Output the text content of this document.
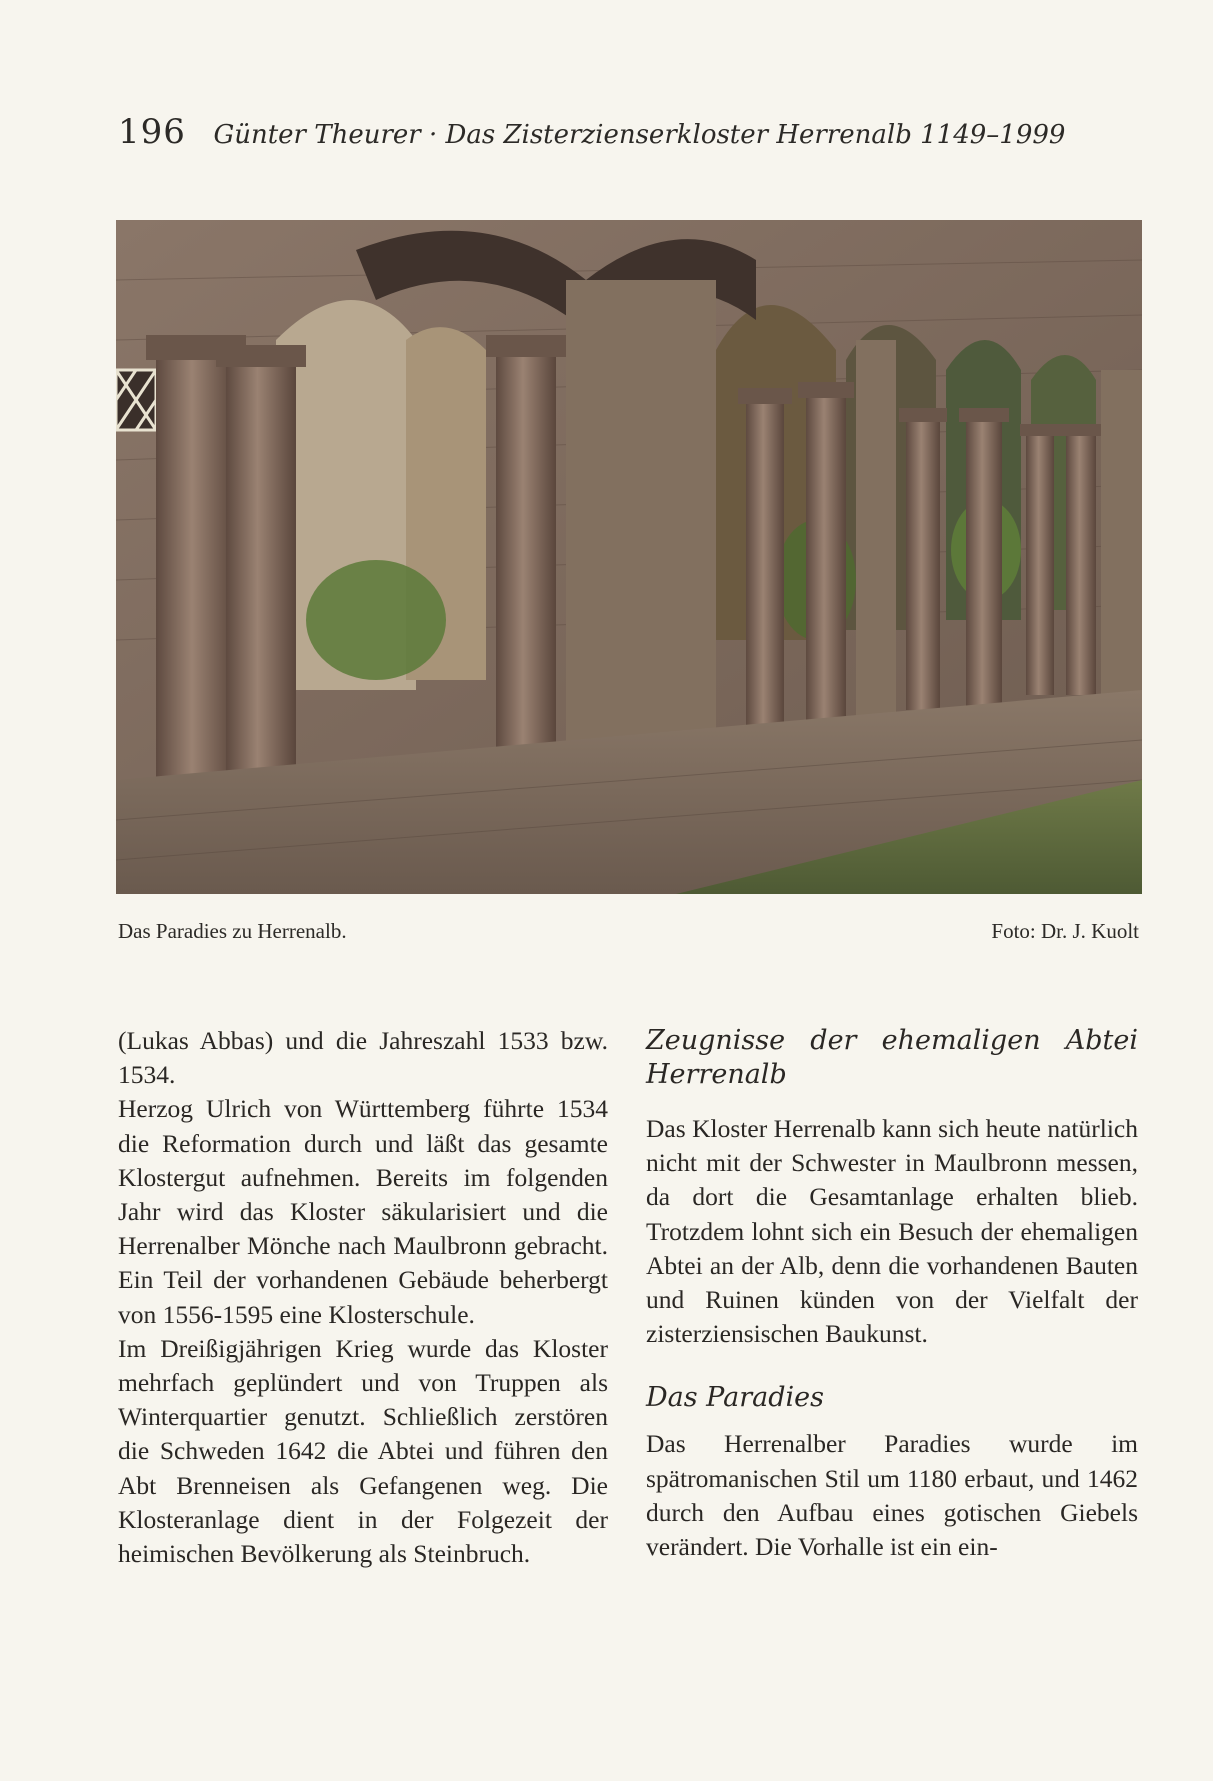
196 Günter Theurer · Das Zisterzienserkloster Herrenalb 1149–1999
Das Paradies zu Herrenalb.	Foto: Dr. J. Kuolt

(Lukas Abbas) und die Jahreszahl 1533 bzw. 1534.

Herzog Ulrich von Württemberg führte 1534 die Reformation durch und läßt das gesamte Klostergut aufnehmen. Bereits im folgenden Jahr wird das Kloster säkularisiert und die Herrenalber Mönche nach Maulbronn gebracht. Ein Teil der vorhandenen Gebäude beherbergt von 1556-1595 eine Klosterschule.

Im Dreißigjährigen Krieg wurde das Kloster mehrfach geplündert und von Truppen als Winterquartier genutzt. Schließlich zerstören die Schweden 1642 die Abtei und führen den Abt Brenneisen als Gefangenen weg. Die Klosteranlage dient in der Folgezeit der heimischen Bevölkerung als Steinbruch.

Zeugnisse der ehemaligen Abtei Herrenalb

Das Kloster Herrenalb kann sich heute natürlich nicht mit der Schwester in Maulbronn messen, da dort die Gesamtanlage erhalten blieb. Trotzdem lohnt sich ein Besuch der ehemaligen Abtei an der Alb, denn die vorhandenen Bauten und Ruinen künden von der Vielfalt der zisterziensischen Baukunst.

Das Paradies

Das Herrenalber Paradies wurde im spätromanischen Stil um 1180 erbaut, und 1462 durch den Aufbau eines gotischen Giebels verändert. Die Vorhalle ist ein ein-
